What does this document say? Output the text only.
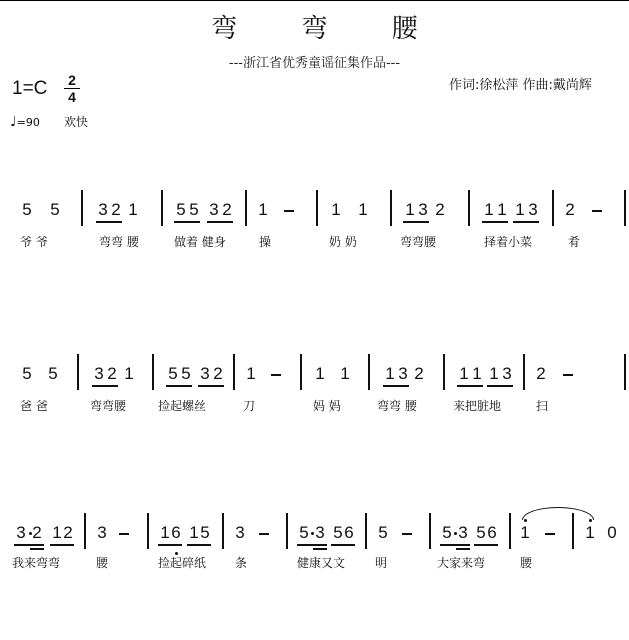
弯 弯 腰
---浙江省优秀童谣征集作品---
1=C 2
4
作词:徐松萍 作曲:戴尚辉
♩=90 欢快
5 5 3 2 1 5 5 3 2 1	1 1 1 3 2 1 1 1 3 2
爷 爷	弯弯 腰	做着 健身	操	奶 奶	弯弯腰	择着小菜	肴
5 5 3 2 1 5 5 3 2 1	1 1 1 3 2 1 1 1 3 2
爸 爸	弯弯腰	捡起螺丝	刀	妈 妈	弯弯 腰	来把脏地	扫
3 2 1 2 3	1 6 1 5 3	5 3 5 6 5	5 3 5 6 1	1 0
我来弯弯	腰	捡起碎纸 条	健康又文 明	大家来弯	腰
